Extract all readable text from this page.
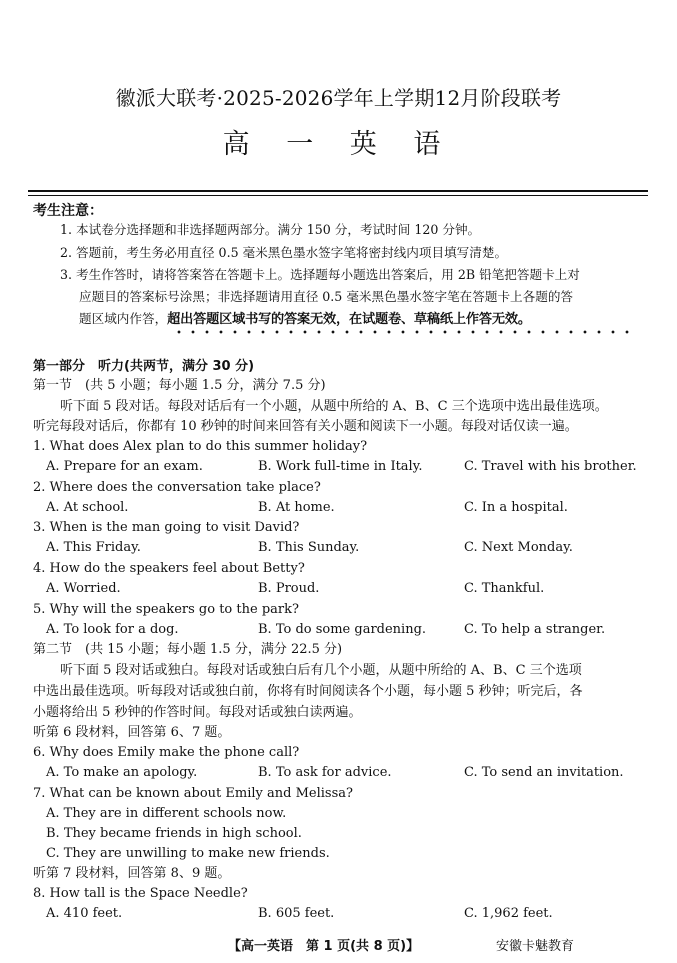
徽派大联考·2025-2026学年上学期12月阶段联考
高 一 英 语
考生注意：
1. 本试卷分选择题和非选择题两部分。满分 150 分，考试时间 120 分钟。
2. 答题前，考生务必用直径 0.5 毫米黑色墨水签字笔将密封线内项目填写清楚。
3. 考生作答时，请将答案答在答题卡上。选择题每小题选出答案后，用 2B 铅笔把答题卡上对
应题目的答案标号涂黑；非选择题请用直径 0.5 毫米黑色墨水签字笔在答题卡上各题的答
题区域内作答，超出答题区域书写的答案无效，在试题卷、草稿纸上作答无效。
第一部分　听力(共两节，满分 30 分)
第一节　(共 5 小题；每小题 1.5 分，满分 7.5 分)
听下面 5 段对话。每段对话后有一个小题，从题中所给的 A、B、C 三个选项中选出最佳选项。
听完每段对话后，你都有 10 秒钟的时间来回答有关小题和阅读下一小题。每段对话仅读一遍。
1. What does Alex plan to do this summer holiday?
A. Prepare for an exam.	B. Work full-time in Italy.	C. Travel with his brother.
2. Where does the conversation take place?
A. At school.	B. At home.	C. In a hospital.
3. When is the man going to visit David?
A. This Friday.	B. This Sunday.	C. Next Monday.
4. How do the speakers feel about Betty?
A. Worried.	B. Proud.	C. Thankful.
5. Why will the speakers go to the park?
A. To look for a dog.	B. To do some gardening.	C. To help a stranger.
第二节　(共 15 小题；每小题 1.5 分，满分 22.5 分)
听下面 5 段对话或独白。每段对话或独白后有几个小题，从题中所给的 A、B、C 三个选项
中选出最佳选项。听每段对话或独白前，你将有时间阅读各个小题，每小题 5 秒钟；听完后，各
小题将给出 5 秒钟的作答时间。每段对话或独白读两遍。
听第 6 段材料，回答第 6、7 题。
6. Why does Emily make the phone call?
A. To make an apology.	B. To ask for advice.	C. To send an invitation.
7. What can be known about Emily and Melissa?
A. They are in different schools now.
B. They became friends in high school.
C. They are unwilling to make new friends.
听第 7 段材料，回答第 8、9 题。
8. How tall is the Space Needle?
A. 410 feet.	B. 605 feet.	C. 1,962 feet.
【高一英语　第 1 页(共 8 页)】	安徽卡魅教育
